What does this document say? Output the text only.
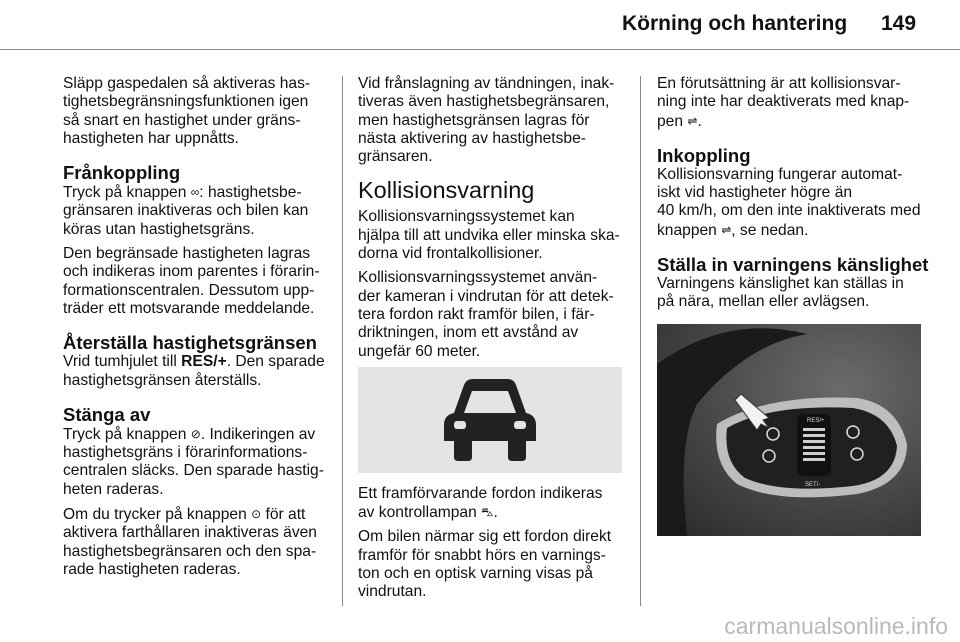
Körning och hantering 149

Släpp gaspedalen så aktiveras has-
tighetsbegränsningsfunktionen igen
så snart en hastighet under gräns-
hastigheten har uppnåtts.

Frånkoppling

Tryck på knappen ∞: hastighetsbe-
gränsaren inaktiveras och bilen kan
köras utan hastighetsgräns.

Den begränsade hastigheten lagras
och indikeras inom parentes i förarin-
formationscentralen. Dessutom upp-
träder ett motsvarande meddelande.

Återställa hastighetsgränsen

Vrid tumhjulet till RES/+. Den sparade
hastighetsgränsen återställs.

Stänga av

Tryck på knappen ⊘. Indikeringen av
hastighetsgräns i förarinformations-
centralen släcks. Den sparade hastig-
heten raderas.

Om du trycker på knappen ⊙ för att
aktivera farthållaren inaktiveras även
hastighetsbegränsaren och den spa-
rade hastigheten raderas.

Vid frånslagning av tändningen, inak-
tiveras även hastighetsbegränsaren,
men hastighetsgränsen lagras för
nästa aktivering av hastighetsbe-
gränsaren.

Kollisionsvarning

Kollisionsvarningssystemet kan
hjälpa till att undvika eller minska ska-
dorna vid frontalkollisioner.

Kollisionsvarningssystemet använ-
der kameran i vindrutan för att detek-
tera fordon rakt framför bilen, i fär-
driktningen, inom ett avstånd av
ungefär 60 meter.

Ett framförvarande fordon indikeras
av kontrollampan ⛍.

Om bilen närmar sig ett fordon direkt
framför för snabbt hörs en varnings-
ton och en optisk varning visas på
vindrutan.

En förutsättning är att kollisionsvar-
ning inte har deaktiverats med knap-
pen ⇌.

Inkoppling

Kollisionsvarning fungerar automat-
iskt vid hastigheter högre än
40 km/h, om den inte inaktiverats med
knappen ⇌, se nedan.

Ställa in varningens känslighet

Varningens känslighet kan ställas in
på nära, mellan eller avlägsen.

RES/+
SET/-
carmanualsonline.info
